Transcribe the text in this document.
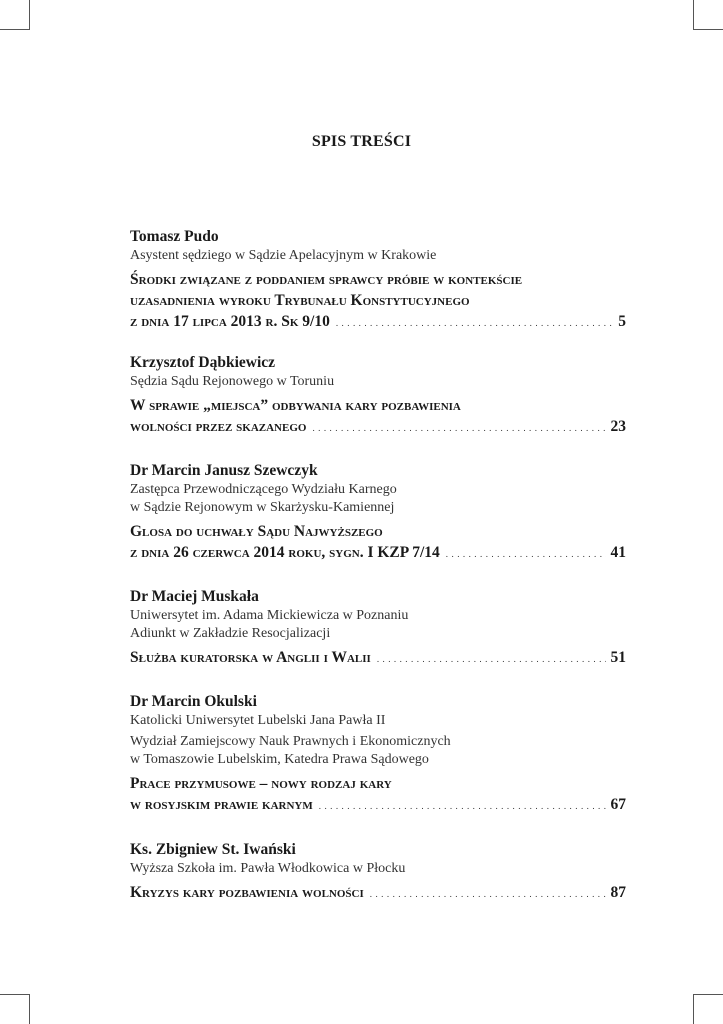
SPIS TREŚCI

Tomasz Pudo

Asystent sędziego w Sądzie Apelacyjnym w Krakowie

Środki związane z poddaniem sprawcy próbie w kontekście
uzasadnienia wyroku Trybunału Konstytucyjnego
z dnia 17 lipca 2013 r. Sk 9/10 . . .	5

Krzysztof Dąbkiewicz

Sędzia Sądu Rejonowego w Toruniu

W sprawie „miejsca” odbywania kary pozbawienia
wolności przez skazanego . . .	23

Dr Marcin Janusz Szewczyk

Zastępca Przewodniczącego Wydziału Karnego

w Sądzie Rejonowym w Skarżysku-Kamiennej

Glosa do uchwały Sądu Najwyższego
z dnia 26 czerwca 2014 roku, sygn. I KZP 7/14 . . .	41

Dr Maciej Muskała

Uniwersytet im. Adama Mickiewicza w Poznaniu

Adiunkt w Zakładzie Resocjalizacji

Służba kuratorska w Anglii i Walii . . .	51

Dr Marcin Okulski

Katolicki Uniwersytet Lubelski Jana Pawła II

Wydział Zamiejscowy Nauk Prawnych i Ekonomicznych

w Tomaszowie Lubelskim, Katedra Prawa Sądowego

Prace przymusowe – nowy rodzaj kary
w rosyjskim prawie karnym . . .	67

Ks. Zbigniew St. Iwański

Wyższa Szkoła im. Pawła Włodkowica w Płocku

Kryzys kary pozbawienia wolności . . .	87
